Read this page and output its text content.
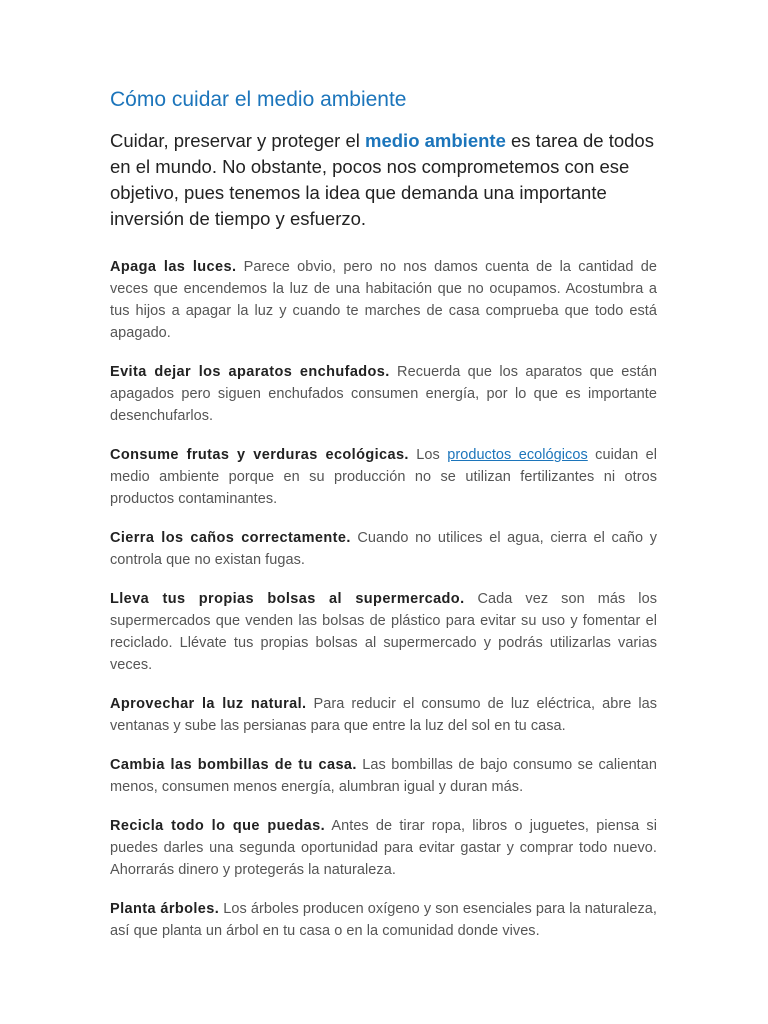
Cómo cuidar el medio ambiente

Cuidar, preservar y proteger el medio ambiente es tarea de todos en el mundo. No obstante, pocos nos comprometemos con ese objetivo, pues tenemos la idea que demanda una importante inversión de tiempo y esfuerzo.

Apaga las luces. Parece obvio, pero no nos damos cuenta de la cantidad de veces que encendemos la luz de una habitación que no ocupamos. Acostumbra a tus hijos a apagar la luz y cuando te marches de casa comprueba que todo está apagado.

Evita dejar los aparatos enchufados. Recuerda que los aparatos que están apagados pero siguen enchufados consumen energía, por lo que es importante desenchufarlos.

Consume frutas y verduras ecológicas. Los productos ecológicos cuidan el medio ambiente porque en su producción no se utilizan fertilizantes ni otros productos contaminantes.

Cierra los caños correctamente. Cuando no utilices el agua, cierra el caño y controla que no existan fugas.

Lleva tus propias bolsas al supermercado. Cada vez son más los supermercados que venden las bolsas de plástico para evitar su uso y fomentar el reciclado. Llévate tus propias bolsas al supermercado y podrás utilizarlas varias veces.

Aprovechar la luz natural. Para reducir el consumo de luz eléctrica, abre las ventanas y sube las persianas para que entre la luz del sol en tu casa.

Cambia las bombillas de tu casa. Las bombillas de bajo consumo se calientan menos, consumen menos energía, alumbran igual y duran más.

Recicla todo lo que puedas. Antes de tirar ropa, libros o juguetes, piensa si puedes darles una segunda oportunidad para evitar gastar y comprar todo nuevo. Ahorrarás dinero y protegerás la naturaleza.

Planta árboles. Los árboles producen oxígeno y son esenciales para la naturaleza, así que planta un árbol en tu casa o en la comunidad donde vives.
